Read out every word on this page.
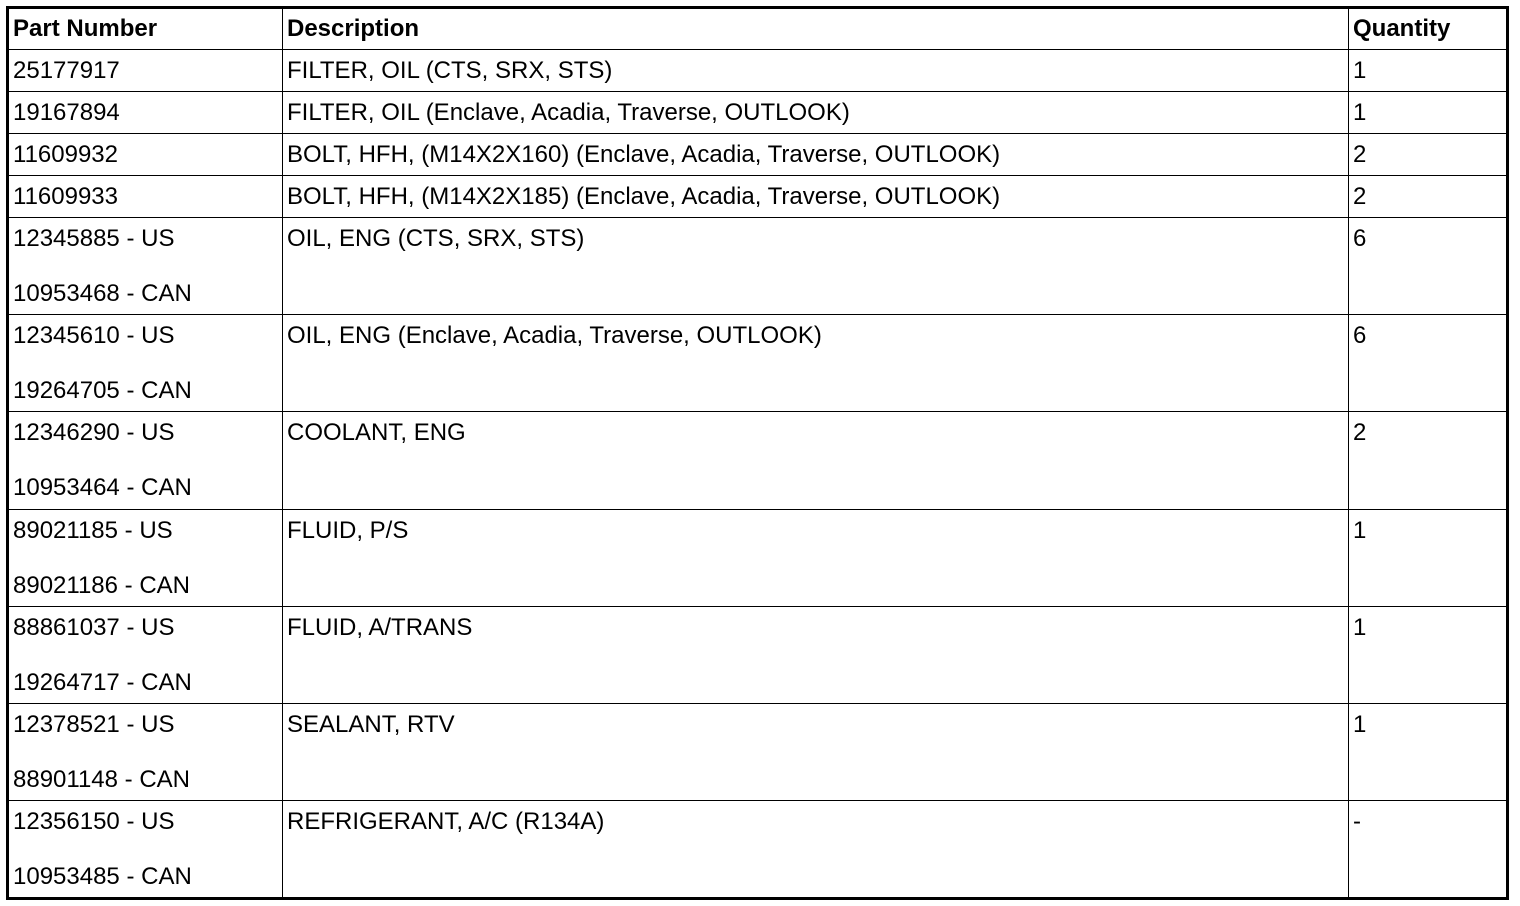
Part Number	Description	Quantity

25177917	FILTER, OIL (CTS, SRX, STS)	1

19167894	FILTER, OIL (Enclave, Acadia, Traverse, OUTLOOK)	1

11609932	BOLT, HFH, (M14X2X160) (Enclave, Acadia, Traverse, OUTLOOK)	2

11609933	BOLT, HFH, (M14X2X185) (Enclave, Acadia, Traverse, OUTLOOK)	2

12345885 - US
10953468 - CAN	OIL, ENG (CTS, SRX, STS)	6

12345610 - US
19264705 - CAN	OIL, ENG (Enclave, Acadia, Traverse, OUTLOOK)	6

12346290 - US
10953464 - CAN	COOLANT, ENG	2

89021185 - US
89021186 - CAN	FLUID, P/S	1

88861037 - US
19264717 - CAN	FLUID, A/TRANS	1

12378521 - US
88901148 - CAN	SEALANT, RTV	1

12356150 - US
10953485 - CAN	REFRIGERANT, A/C (R134A)	-
